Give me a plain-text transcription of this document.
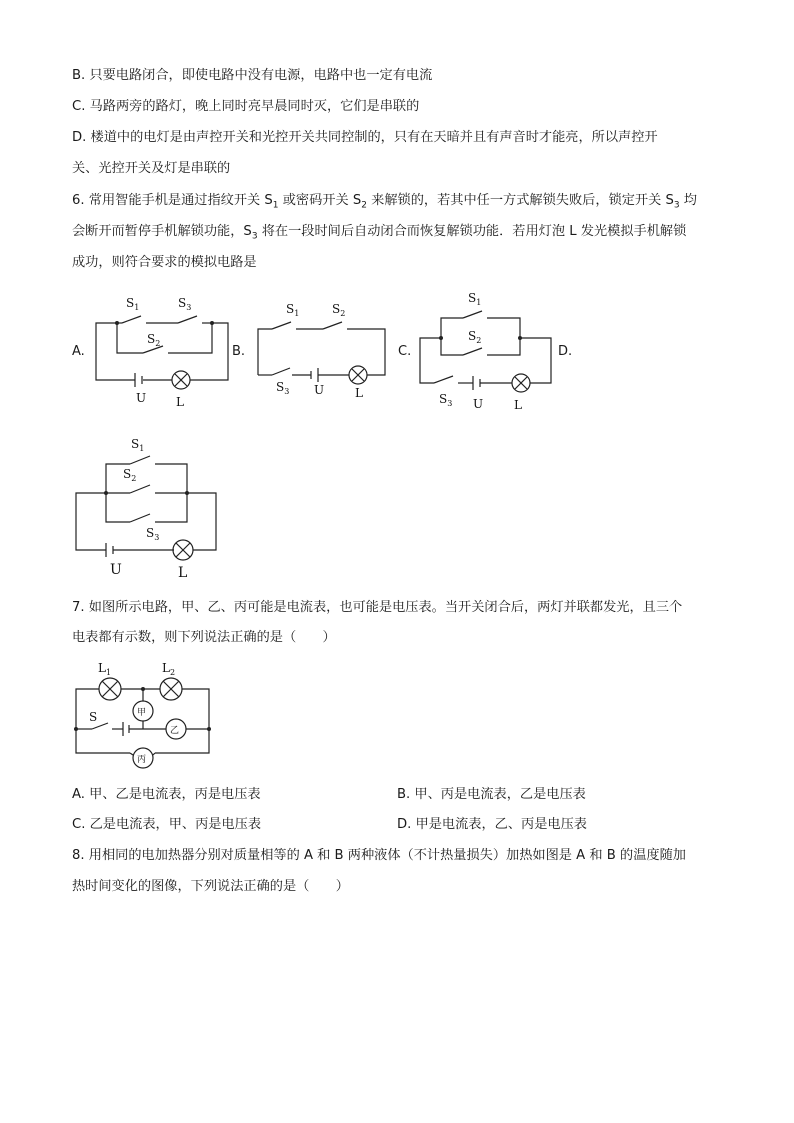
B. 只要电路闭合，即使电路中没有电源，电路中也一定有电流
C. 马路两旁的路灯，晚上同时亮早晨同时灭，它们是串联的
D. 楼道中的电灯是由声控开关和光控开关共同控制的，只有在天暗并且有声音时才能亮，所以声控开
关、光控开关及灯是串联的
6. 常用智能手机是通过指纹开关 $S_1$ 或密码开关 $S_2$ 来解锁的，若其中任一方式解锁失败后，锁定开关 $S_3$ 均
会断开而暂停手机解锁功能，$S_3$ 将在一段时间后自动闭合而恢复解锁功能．若用灯泡 L 发光模拟手机解锁
成功，则符合要求的模拟电路是
A.	B.	C.	D.
$S_1$	$S_3$
$S_2$
U L
$S_1$	$S_2$
$S_3$ U	L
$S_1$
$S_2$
$S_3$ U	L
$S_1$
$S_2$
$S_3$
U	L
7. 如图所示电路，甲、乙、丙可能是电流表，也可能是电压表。当开关闭合后，两灯并联都发光，且三个
电表都有示数，则下列说法正确的是（　　）
$L_1$	$L_2$
S	甲
乙
丙
A. 甲、乙是电流表，丙是电压表	B. 甲、丙是电流表，乙是电压表
C. 乙是电流表，甲、丙是电压表	D. 甲是电流表，乙、丙是电压表
8. 用相同的电加热器分别对质量相等的 A 和 B 两种液体（不计热量损失）加热如图是 A 和 B 的温度随加
热时间变化的图像，下列说法正确的是（　　）
